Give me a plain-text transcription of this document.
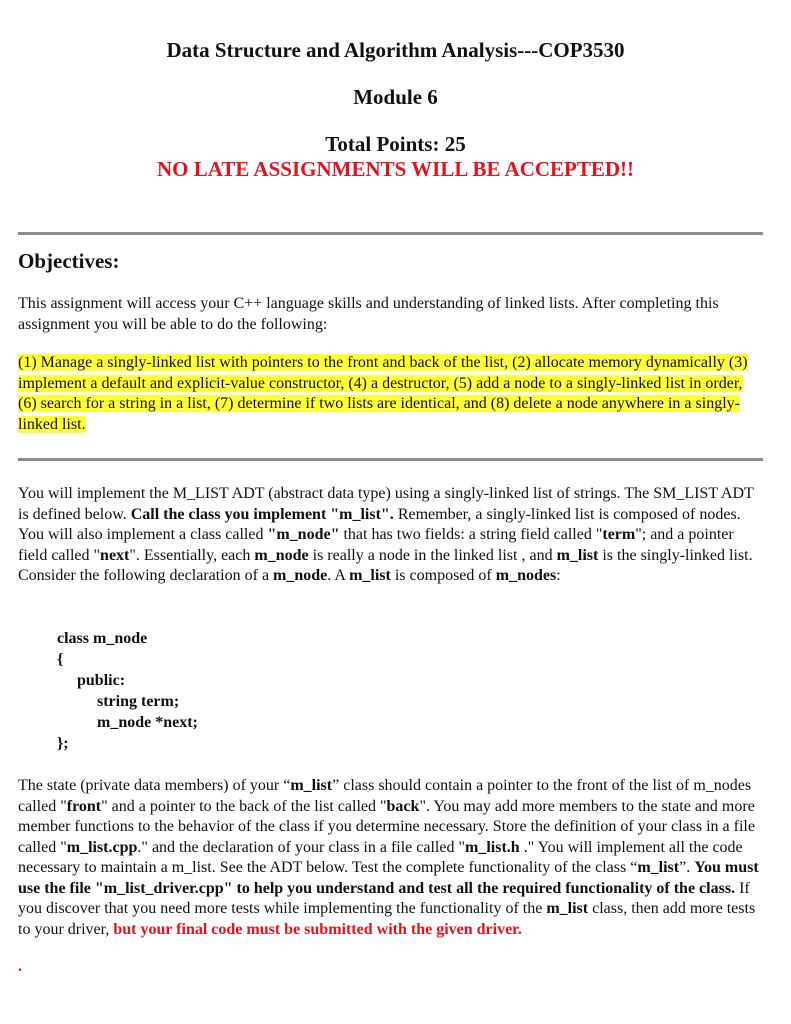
Data Structure and Algorithm Analysis---COP3530
Module 6
Total Points: 25
NO LATE ASSIGNMENTS WILL BE ACCEPTED!!
Objectives:
This assignment will access your C++ language skills and understanding of linked lists. After completing this assignment you will be able to do the following:
(1) Manage a singly-linked list with pointers to the front and back of the list, (2) allocate memory dynamically (3) implement a default and explicit-value constructor, (4) a destructor, (5) add a node to a singly-linked list in order, (6) search for a string in a list, (7) determine if two lists are identical, and (8) delete a node anywhere in a singly-linked list.
You will implement the M_LIST ADT (abstract data type) using a singly-linked list of strings. The SM_LIST ADT is defined below. Call the class you implement "m_list". Remember, a singly-linked list is composed of nodes. You will also implement a class called "m_node" that has two fields: a string field called "term"; and a pointer field called "next". Essentially, each m_node is really a node in the linked list , and m_list is the singly-linked list. Consider the following declaration of a m_node. A m_list is composed of m_nodes:
class m_node
{
public:
string term;
m_node *next;
};
The state (private data members) of your “m_list” class should contain a pointer to the front of the list of m_nodes called "front" and a pointer to the back of the list called "back". You may add more members to the state and more member functions to the behavior of the class if you determine necessary. Store the definition of your class in a file called "m_list.cpp." and the declaration of your class in a file called "m_list.h ." You will implement all the code necessary to maintain a m_list. See the ADT below. Test the complete functionality of the class “m_list”. You must use the file "m_list_driver.cpp" to help you understand and test all the required functionality of the class. If you discover that you need more tests while implementing the functionality of the m_list class, then add more tests to your driver, but your final code must be submitted with the given driver.
.
